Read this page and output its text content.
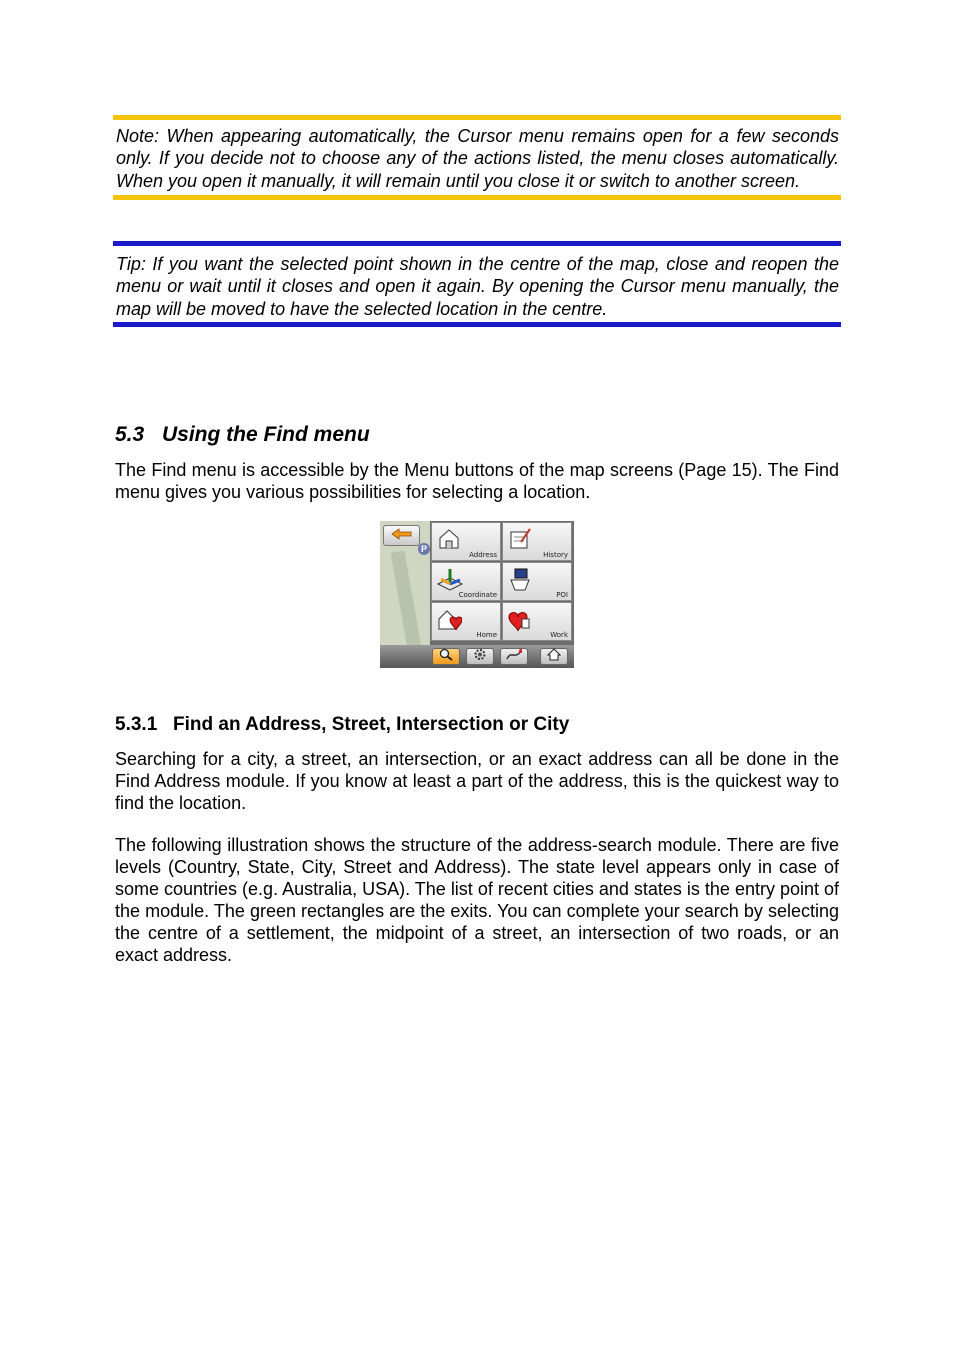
Note: When appearing automatically, the Cursor menu remains open for a few seconds only. If you decide not to choose any of the actions listed, the menu closes automatically. When you open it manually, it will remain until you close it or switch to another screen.

Tip: If you want the selected point shown in the centre of the map, close and reopen the menu or wait until it closes and open it again. By opening the Cursor menu manually, the map will be moved to have the selected location in the centre.

5.3 Using the Find menu

The Find menu is accessible by the Menu buttons of the map screens (Page 15). The Find menu gives you various possibilities for selecting a location.

P
Address	History
Coordinate	POI
Home	Work
5.3.1 Find an Address, Street, Intersection or City

Searching for a city, a street, an intersection, or an exact address can all be done in the Find Address module. If you know at least a part of the address, this is the quickest way to find the location.

The following illustration shows the structure of the address-search module. There are five levels (Country, State, City, Street and Address). The state level appears only in case of some countries (e.g. Australia, USA). The list of recent cities and states is the entry point of the module. The green rectangles are the exits. You can complete your search by selecting the centre of a settlement, the midpoint of a street, an intersection of two roads, or an exact address.
